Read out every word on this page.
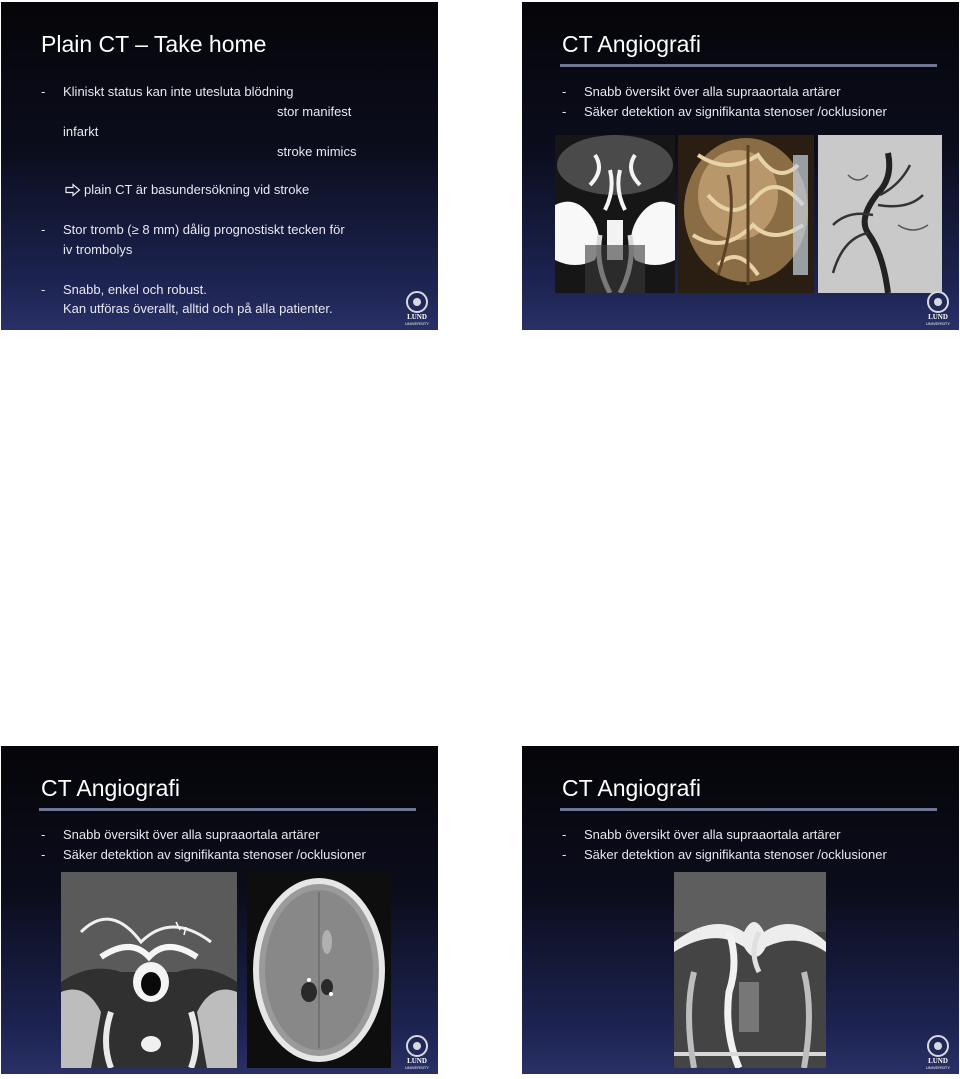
Plain CT – Take home
- Kliniskt status kan inte utesluta blödning
stor manifest
infarkt
stroke mimics
plain CT är basundersökning vid stroke
- Stor tromb (≥ 8 mm) dålig prognostiskt tecken för
iv trombolys
- Snabb, enkel och robust.
Kan utföras överallt, alltid och på alla patienter.
LUND
UNIVERSITY
CT Angiografi
- Snabb översikt över alla supraaortala artärer
- Säker detektion av signifikanta stenoser /ocklusioner
LUND
UNIVERSITY
CT Angiografi
- Snabb översikt över alla supraaortala artärer
- Säker detektion av signifikanta stenoser /ocklusioner
LUND
UNIVERSITY
CT Angiografi
- Snabb översikt över alla supraaortala artärer
- Säker detektion av signifikanta stenoser /ocklusioner
LUND
UNIVERSITY
